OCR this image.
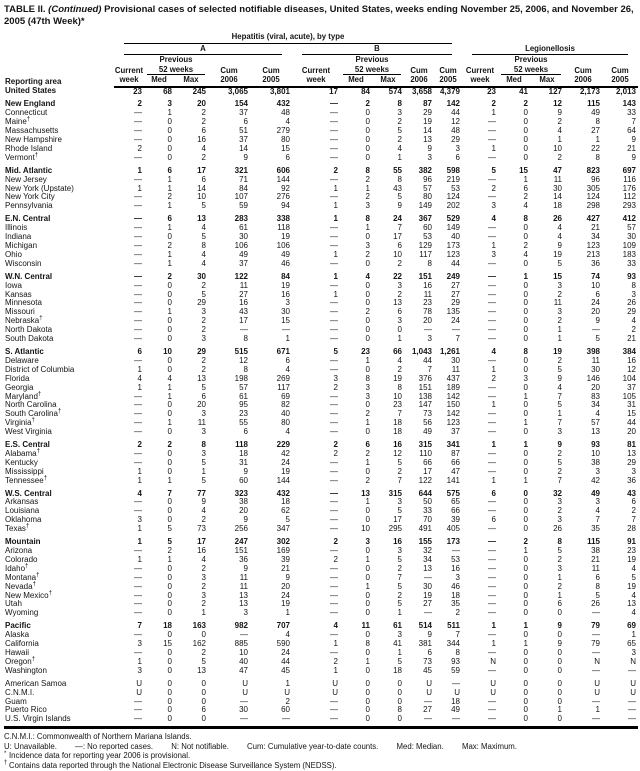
TABLE II. (Continued) Provisional cases of selected notifiable diseases, United States, weeks ending November 25, 2006, and November 26, 2005 (47th Week)*
Reporting area	Hepatitis (viral, acute), by type														

	A					B					Legionellosis				

		Previous					Previous					Previous			
	Current	52 weeks		Cum	Cum	Current	52 weeks		Cum	Cum	Current	52 weeks		Cum	Cum
	week	Med	Max	2006	2005	week	Med	Max	2006	2005	week	Med	Max	2006	2005
United States	23	68	245	3,065	3,801	17	84	574	3,658	4,379	23	41	127	2,173	2,013
New England	2	3	20	154	432	—	2	8	87	142	2	2	12	115	143
Connecticut	—	1	2	37	48	—	0	3	29	44	1	0	9	49	33
Maine†	—	0	2	6	4	—	0	2	19	12	—	0	2	8	7
Massachusetts	—	0	6	51	279	—	0	5	14	48	—	0	4	27	64
New Hampshire	—	0	16	37	80	—	0	2	13	29	—	0	1	1	9
Rhode Island	2	0	4	14	15	—	0	4	9	3	1	0	10	22	21
Vermont†	—	0	2	9	6	—	0	1	3	6	—	0	2	8	9
Mid. Atlantic	1	6	17	321	606	2	8	55	382	598	5	15	47	823	697
New Jersey	—	1	6	71	144	—	2	8	96	219	—	1	11	96	116
New York (Upstate)	1	1	14	84	92	1	1	43	57	53	2	6	30	305	176
New York City	—	2	10	107	276	—	2	5	80	124	—	2	14	124	112
Pennsylvania	—	1	5	59	94	1	3	9	149	202	3	4	18	298	293
E.N. Central	—	6	13	283	338	1	8	24	367	529	4	8	26	427	412
Illinois	—	1	4	61	118	—	1	7	60	149	—	0	4	21	57
Indiana	—	0	5	30	19	—	0	17	53	40	—	0	4	34	30
Michigan	—	2	8	106	106	—	3	6	129	173	1	2	9	123	109
Ohio	—	1	4	49	49	1	2	10	117	123	3	4	19	213	183
Wisconsin	—	1	4	37	46	—	0	2	8	44	—	0	5	36	33
W.N. Central	—	2	30	122	84	1	4	22	151	249	—	1	15	74	93
Iowa	—	0	2	11	19	—	0	3	16	27	—	0	3	10	8
Kansas	—	0	5	27	16	1	0	2	11	27	—	0	2	6	3
Minnesota	—	0	29	16	3	—	0	13	23	29	—	0	11	24	26
Missouri	—	1	3	43	30	—	2	6	78	135	—	0	3	20	29
Nebraska†	—	0	2	17	15	—	0	3	20	24	—	0	2	9	4
North Dakota	—	0	2	—	—	—	0	0	—	—	—	0	1	—	2
South Dakota	—	0	3	8	1	—	0	1	3	7	—	0	1	5	21
S. Atlantic	6	10	29	515	671	5	23	66	1,043	1,261	4	8	19	398	384
Delaware	—	0	2	12	6	—	1	4	44	30	—	0	2	11	16
District of Columbia	1	0	2	8	4	—	0	2	7	11	1	0	5	30	12
Florida	4	4	13	198	269	3	8	19	376	437	2	3	9	146	104
Georgia	1	1	5	57	117	2	3	8	151	189	—	0	4	20	37
Maryland†	—	1	6	61	69	—	3	10	138	142	—	1	7	83	105
North Carolina	—	0	20	95	82	—	0	23	147	150	1	0	5	34	31
South Carolina†	—	0	3	23	40	—	2	7	73	142	—	0	1	4	15
Virginia†	—	1	11	55	80	—	1	18	56	123	—	1	7	57	44
West Virginia	—	0	3	6	4	—	0	18	49	37	—	0	3	13	20
E.S. Central	2	2	8	118	229	2	6	16	315	341	1	1	9	93	81
Alabama†	—	0	3	18	42	2	2	12	110	87	—	0	2	10	13
Kentucky	—	0	5	31	24	—	1	5	66	66	—	0	5	38	29
Mississippi	1	0	1	9	19	—	0	2	17	47	—	0	2	3	3
Tennessee†	1	1	5	60	144	—	2	7	122	141	1	1	7	42	36
W.S. Central	4	7	77	323	432	—	13	315	644	575	6	0	32	49	43
Arkansas	—	0	9	38	18	—	1	3	50	65	—	0	3	3	6
Louisiana	—	0	4	20	62	—	0	5	33	66	—	0	2	4	2
Oklahoma	3	0	2	9	5	—	0	17	70	39	6	0	3	7	7
Texas†	1	5	73	256	347	—	10	295	491	405	—	0	26	35	28
Mountain	1	5	17	247	302	2	3	16	155	173	—	2	8	115	91
Arizona	—	2	16	151	169	—	0	3	32	—	—	1	5	38	23
Colorado	1	1	4	36	39	2	1	5	34	53	—	0	2	21	19
Idaho†	—	0	2	9	21	—	0	2	13	16	—	0	3	11	4
Montana†	—	0	3	11	9	—	0	7	—	3	—	0	1	6	5
Nevada†	—	0	2	11	20	—	1	5	30	46	—	0	2	8	19
New Mexico†	—	0	3	13	24	—	0	2	19	18	—	0	1	5	4
Utah	—	0	2	13	19	—	0	5	27	35	—	0	6	26	13
Wyoming	—	0	1	3	1	—	0	1	—	2	—	0	0	—	4
Pacific	7	18	163	982	707	4	11	61	514	511	1	1	9	79	69
Alaska	—	0	0	—	4	—	0	3	9	7	—	0	0	—	1
California	3	15	162	885	590	1	8	41	381	344	1	1	9	79	65
Hawaii	—	0	2	10	24	—	0	1	6	8	—	0	0	—	3
Oregon†	1	0	5	40	44	2	1	5	73	93	N	0	0	N	N
Washington	3	0	13	47	45	1	0	18	45	59	—	0	0	—	—
American Samoa	U	0	0	U	1	U	0	0	U	—	U	0	0	U	U
C.N.M.I.	U	0	0	U	U	U	0	0	U	U	U	0	0	U	U
Guam	—	0	0	—	2	—	0	0	—	18	—	0	0	—	—
Puerto Rico	—	0	6	30	60	—	0	8	27	49	—	0	1	1	—
U.S. Virgin Islands	—	0	0	—	—	—	0	0	—	—	—	0	0	—	—
C.N.M.I.: Commonwealth of Northern Mariana Islands.
U: Unavailable. —: No reported cases. N: Not notifiable. Cum: Cumulative year-to-date counts. Med: Median. Max: Maximum.
* Incidence data for reporting year 2006 is provisional.
† Contains data reported through the National Electronic Disease Surveillance System (NEDSS).
